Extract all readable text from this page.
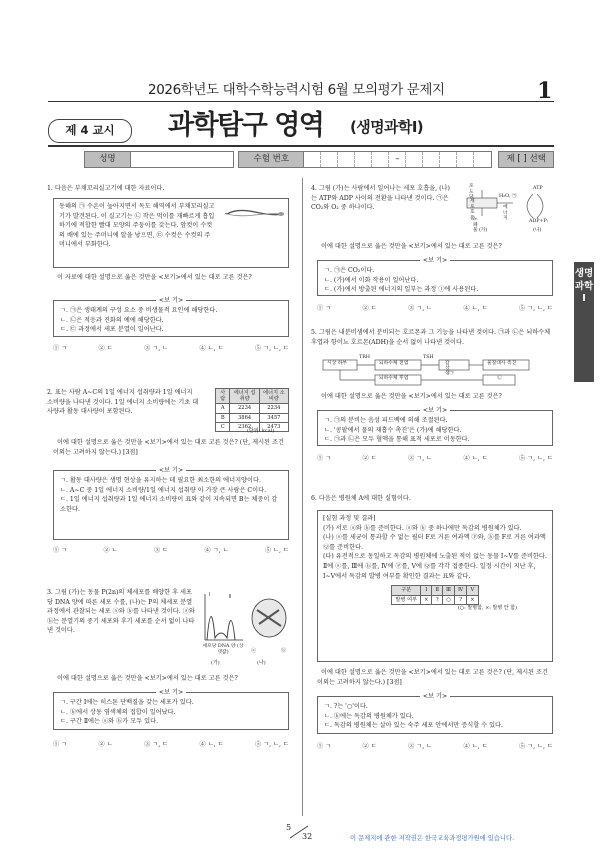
2026학년도 대학수학능력시험 6월 모의평가 문제지	1
제 4 교시	과학탐구 영역 (생명과학Ⅰ)
성명	수험 번호	–	제 [ ] 선택
1. 다음은 부채꼬리실고기에 대한 자료이다.
동해의 ㉠ 수온이 높아지면서 독도 해역에서 부채꼬리실고기가 발견된다. 이 실고기는 ㉡ 작은 먹이를 재빠르게 흡입하기에 적합한 빨대 모양의 주둥이를 갖는다. 암컷이 수컷의 배에 있는 주머니에 알을 낳으면, ㉢ 수컷은 수컷의 주머니에서 부화한다.
이 자료에 대한 설명으로 옳은 것만을 <보기>에서 있는 대로 고른 것은?
<보 기>
ㄱ. ㉠은 생태계의 구성 요소 중 비생물적 요인에 해당한다.
ㄴ. ㉡은 적응과 진화의 예에 해당한다.
ㄷ. ㉢ 과정에서 세포 분열이 일어난다.
① ㄱ	② ㄷ	③ ㄱ, ㄴ	④ ㄴ, ㄷ	⑤ ㄱ, ㄴ, ㄷ
2. 표는 사람 A~C의 1일 에너지 섭취량과 1일 에너지 소비량을 나타낸 것이다. 1일 에너지 소비량에는 기초 대사량과 활동 대사량이 포함된다.
사람	에너지 섭취량	에너지 소비량
A	2234	2234
B	3864	3457
C	2362	2473
(단위: kcal)
이에 대한 설명으로 옳은 것만을 <보기>에서 있는 대로 고른 것은? (단, 제시된 조건 이외는 고려하지 않는다.) [3점]
<보 기>
ㄱ. 활동 대사량은 생명 현상을 유지하는 데 필요한 최소한의 에너지양이다.
ㄴ. A~C 중 1일 에너지 소비량/1일 에너지 섭취량 이 가장 큰 사람은 C이다.
ㄷ. 1일 에너지 섭취량과 1일 에너지 소비량이 표와 같이 지속되면 B는 체중이 감소한다.
① ㄱ	② ㄴ	③ ㄷ	④ ㄱ, ㄴ	⑤ ㄴ, ㄷ
3. 그림 (가)는 동물 P(2n)의 체세포를 배양한 후 세포당 DNA 양에 따른 세포 수를, (나)는 P의 체세포 분열 과정에서 관찰되는 세포 ⓐ와 ⓑ를 나타낸 것이다. ⓐ와 ⓑ는 분열기의 중기 세포와 후기 세포를 순서 없이 나타낸 것이다.
Ⅰ	Ⅱ
ⓐ	ⓑ
세포당 DNA 양 (상댓값)
(가)	(나)
이에 대한 설명으로 옳은 것만을 <보기>에서 있는 대로 고른 것은?
<보 기>
ㄱ. 구간 Ⅰ에는 히스톤 단백질을 갖는 세포가 있다.
ㄴ. ⓑ에서 상동 염색체의 접합이 일어났다.
ㄷ. 구간 Ⅱ에는 ⓐ와 ⓑ가 모두 있다.
① ㄱ	② ㄴ	③ ㄱ, ㄷ	④ ㄴ, ㄷ	⑤ ㄱ, ㄴ, ㄷ
4. 그림 (가)는 사람에서 일어나는 세포 호흡을, (나)는 ATP와 ADP 사이의 전환을 나타낸 것이다. ㉠은 CO₂와 O₂ 중 하나이다.
포도당
세포 호흡
H₂O, ㉠
노폐물
에너지
ATP
ADP+Pᵢ
(가)	(나)
이에 대한 설명으로 옳은 것만을 <보기>에서 있는 대로 고른 것은?
<보 기>
ㄱ. ㉠은 CO₂이다.
ㄴ. (가)에서 이화 작용이 일어난다.
ㄷ. (가)에서 방출된 에너지의 일부는 과정 Ⓘ에 사용된다.
① ㄱ	② ㄷ	③ ㄱ, ㄴ	④ ㄴ, ㄷ	⑤ ㄱ, ㄴ, ㄷ
5. 그림은 내분비샘에서 분비되는 호르몬과 그 기능을 나타낸 것이다. ㉠과 ㉡은 뇌하수체 후엽과 항이뇨 호르몬(ADH)을 순서 없이 나타낸 것이다.
시상 하부
TRH
뇌하수체 전엽
TSH
갑상샘
물질대사 촉진
뇌하수체 후엽
㉠
㉡
이에 대한 설명으로 옳은 것만을 <보기>에서 있는 대로 고른 것은?
<보 기>
ㄱ. ㉠의 분비는 음성 피드백에 의해 조절된다.
ㄴ. '콩팥에서 물의 재흡수 촉진'은 (가)에 해당한다.
ㄷ. ㉠과 ㉡은 모두 혈액을 통해 표적 세포로 이동한다.
① ㄱ	② ㄷ	③ ㄱ, ㄴ	④ ㄴ, ㄷ	⑤ ㄱ, ㄴ, ㄷ
6. 다음은 병원체 A에 대한 실험이다.
[실험 과정 및 결과]
(가) 서로 ⓐ와 ⓑ를 준비한다. ⓐ와 ⓑ 중 하나에만 독감의 병원체가 있다.
(나) ⓐ를 세균이 통과할 수 없는 필터 F로 거른 여과액 Ⓟ와, ⓑ를 F로 거른 여과액 Ⓠ를 준비한다.
(다) 유전적으로 동일하고 독감의 병원체에 노출된 적이 없는 동물 Ⅰ~Ⅴ를 준비한다. Ⅱ에 ⓐ를, Ⅲ에 ⓑ를, Ⅳ에 Ⓟ를, Ⅴ에 Ⓠ를 각각 접종한다. 일정 시간이 지난 후, Ⅰ~Ⅴ에서 독감의 발병 여부를 확인한 결과는 표와 같다.
구분	Ⅰ	Ⅱ	Ⅲ	Ⅳ	Ⅴ
발병 여부	×	?	○	?	×
(○: 발병함, ×: 발병 안 함)
이에 대한 설명으로 옳은 것만을 <보기>에서 있는 대로 고른 것은? (단, 제시된 조건 이외는 고려하지 않는다.) [3점]
<보 기>
ㄱ. ?는 '○'이다.
ㄴ. ⓑ에는 독감의 병원체가 있다.
ㄷ. 독감의 병원체는 살아 있는 숙주 세포 안에서만 증식할 수 있다.
① ㄱ	② ㄷ	③ ㄱ, ㄴ	④ ㄴ, ㄷ	⑤ ㄱ, ㄴ, ㄷ
생명과학Ⅰ
5
32	이 문제지에 관한 저작권은 한국교육과정평가원에 있습니다.
